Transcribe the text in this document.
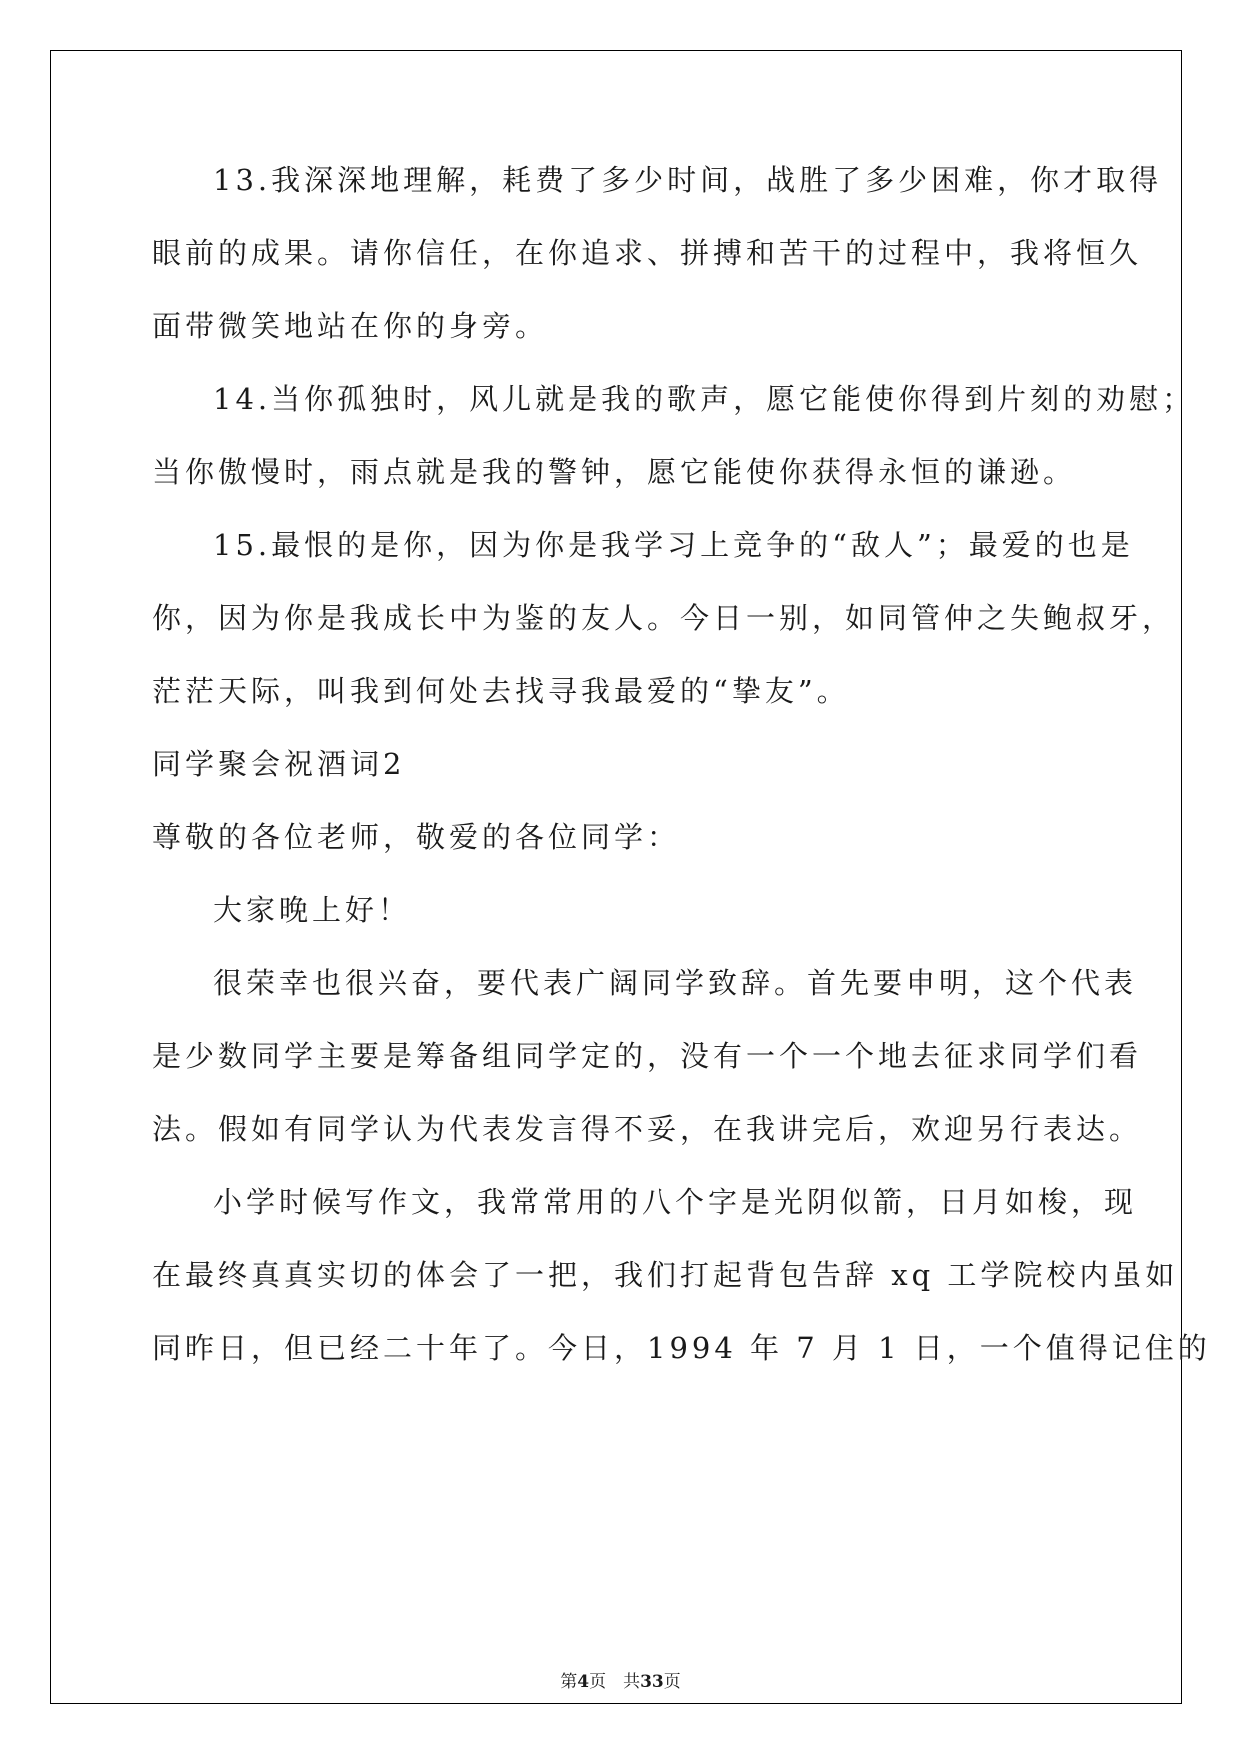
13.我深深地理解，耗费了多少时间，战胜了多少困难，你才取得
眼前的成果。请你信任，在你追求、拼搏和苦干的过程中，我将恒久
面带微笑地站在你的身旁。
14.当你孤独时，风儿就是我的歌声，愿它能使你得到片刻的劝慰；
当你傲慢时，雨点就是我的警钟，愿它能使你获得永恒的谦逊。
15.最恨的是你，因为你是我学习上竞争的“敌人”；最爱的也是
你，因为你是我成长中为鉴的友人。今日一别，如同管仲之失鲍叔牙，
茫茫天际，叫我到何处去找寻我最爱的“挚友”。
同学聚会祝酒词2
尊敬的各位老师，敬爱的各位同学：
大家晚上好！
很荣幸也很兴奋，要代表广阔同学致辞。首先要申明，这个代表
是少数同学主要是筹备组同学定的，没有一个一个地去征求同学们看
法。假如有同学认为代表发言得不妥，在我讲完后，欢迎另行表达。
小学时候写作文，我常常用的八个字是光阴似箭，日月如梭，现
在最终真真实切的体会了一把，我们打起背包告辞 xq 工学院校内虽如
同昨日，但已经二十年了。今日，1994 年 7 月 1 日，一个值得记住的
第4页　共33页
